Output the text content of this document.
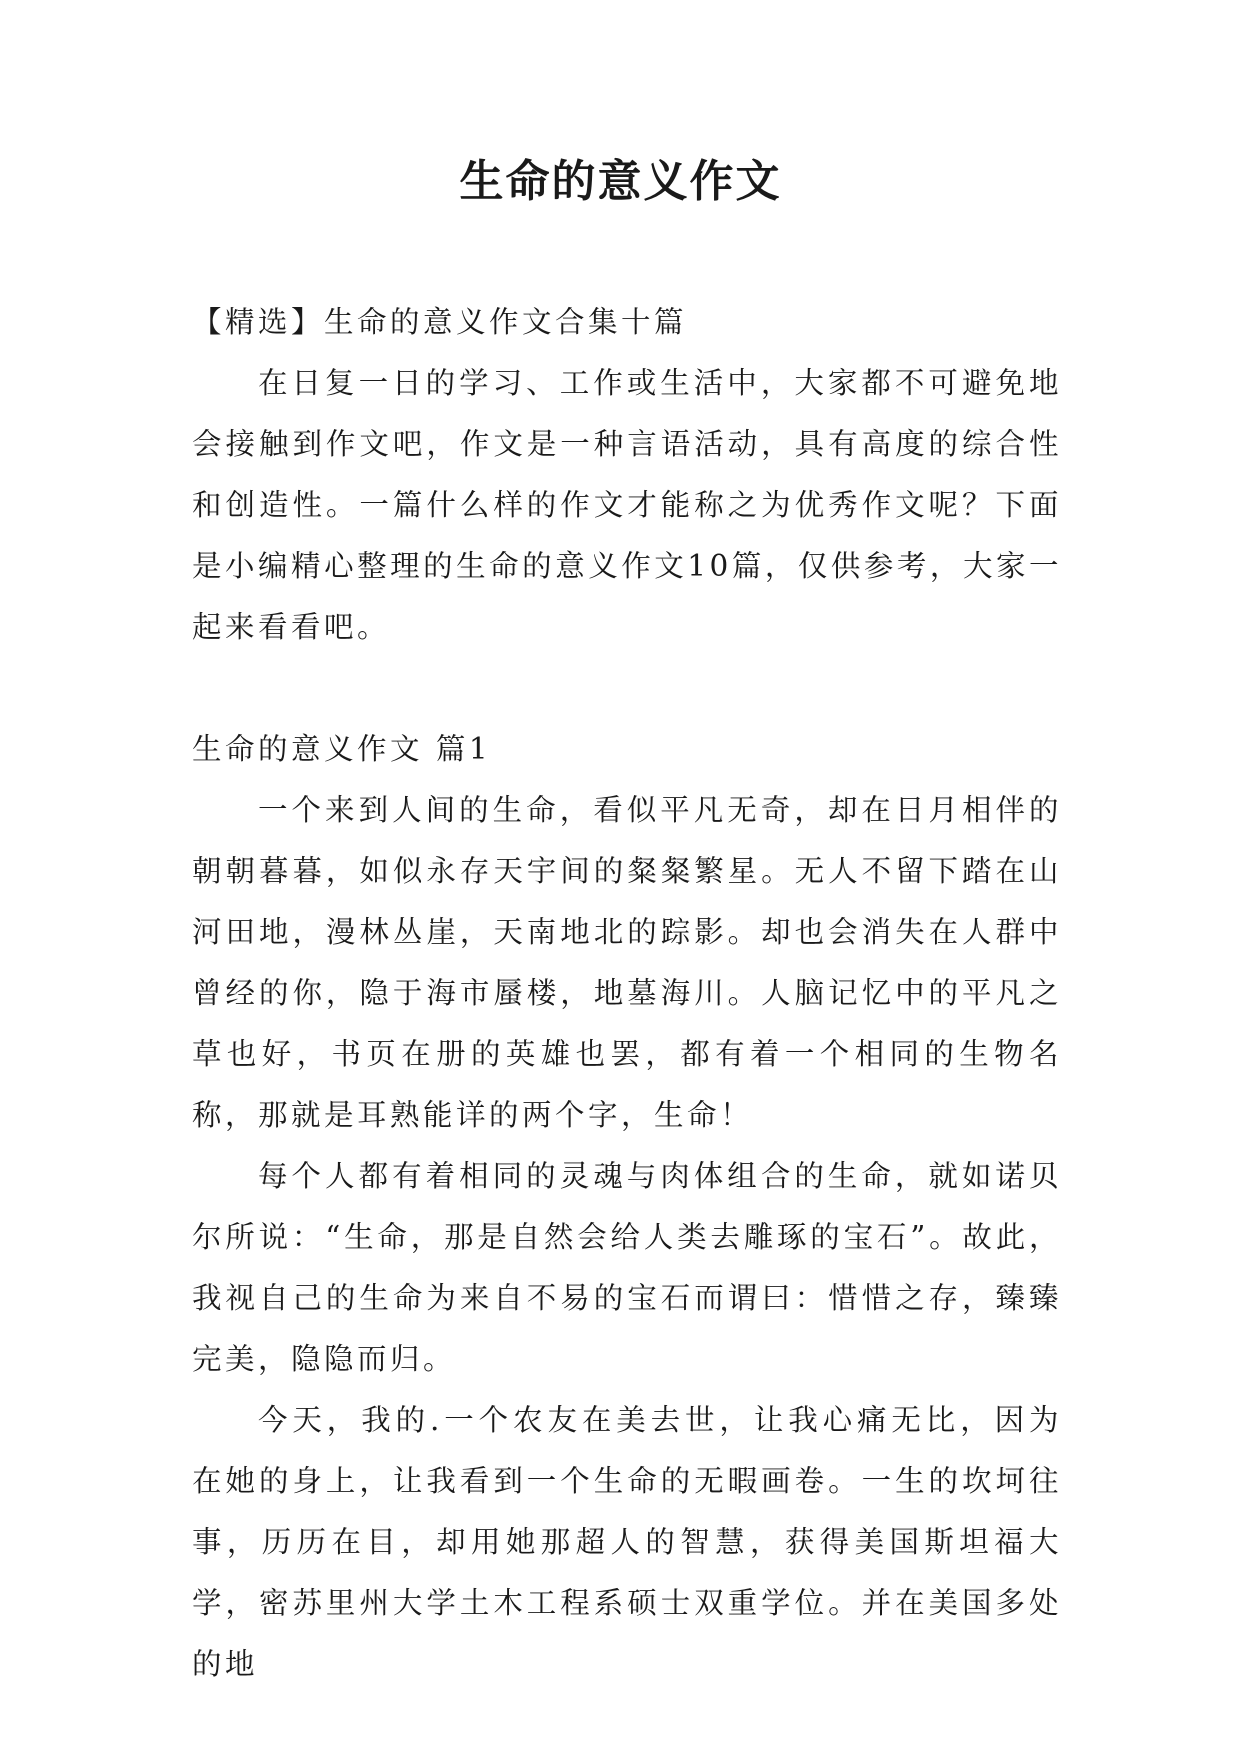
生命的意义作文

【精选】生命的意义作文合集十篇

在日复一日的学习、工作或生活中，大家都不可避免地会接触到作文吧，作文是一种言语活动，具有高度的综合性和创造性。一篇什么样的作文才能称之为优秀作文呢？下面是小编精心整理的生命的意义作文10篇，仅供参考，大家一起来看看吧。

生命的意义作文 篇1

一个来到人间的生命，看似平凡无奇，却在日月相伴的朝朝暮暮，如似永存天宇间的粲粲繁星。无人不留下踏在山河田地，漫林丛崖，天南地北的踪影。却也会消失在人群中曾经的你，隐于海市蜃楼，地墓海川。人脑记忆中的平凡之草也好，书页在册的英雄也罢，都有着一个相同的生物名称，那就是耳熟能详的两个字，生命！

每个人都有着相同的灵魂与肉体组合的生命，就如诺贝尔所说：“生命，那是自然会给人类去雕琢的宝石”。故此，我视自己的生命为来自不易的宝石而谓曰：惜惜之存，臻臻完美，隐隐而归。

今天，我的.一个农友在美去世，让我心痛无比，因为在她的身上，让我看到一个生命的无暇画卷。一生的坎坷往事，历历在目，却用她那超人的智慧，获得美国斯坦福大学，密苏里州大学土木工程系硕士双重学位。并在美国多处的地
